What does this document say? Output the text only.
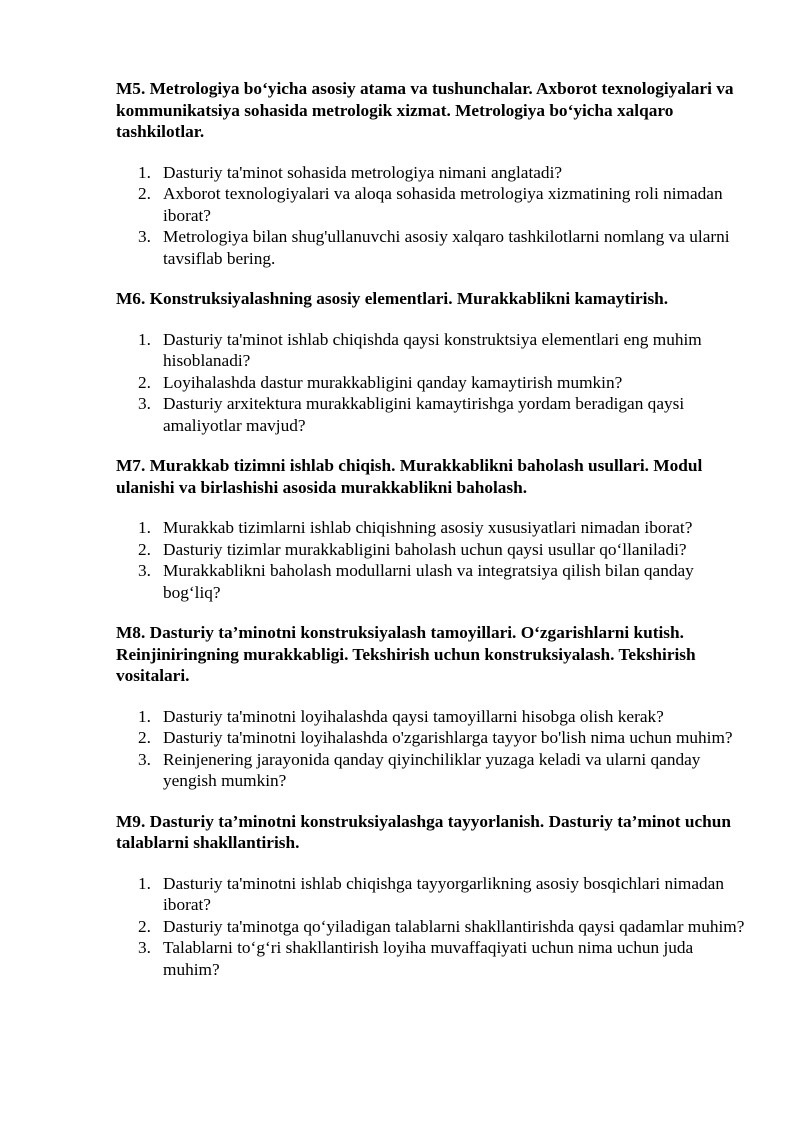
M5. Metrologiya bo‘yicha asosiy atama va tushunchalar. Axborot texnologiyalari va kommunikatsiya sohasida metrologik xizmat. Metrologiya bo‘yicha xalqaro tashkilotlar.

1. Dasturiy ta'minot sohasida metrologiya nimani anglatadi?
2. Axborot texnologiyalari va aloqa sohasida metrologiya xizmatining roli nimadan iborat?
3. Metrologiya bilan shug'ullanuvchi asosiy xalqaro tashkilotlarni nomlang va ularni tavsiflab bering.

M6. Konstruksiyalashning asosiy elementlari. Murakkablikni kamaytirish.

1. Dasturiy ta'minot ishlab chiqishda qaysi konstruktsiya elementlari eng muhim hisoblanadi?
2. Loyihalashda dastur murakkabligini qanday kamaytirish mumkin?
3. Dasturiy arxitektura murakkabligini kamaytirishga yordam beradigan qaysi amaliyotlar mavjud?

M7. Murakkab tizimni ishlab chiqish. Murakkablikni baholash usullari. Modul ulanishi va birlashishi asosida murakkablikni baholash.

1. Murakkab tizimlarni ishlab chiqishning asosiy xususiyatlari nimadan iborat?
2. Dasturiy tizimlar murakkabligini baholash uchun qaysi usullar qo‘llaniladi?
3. Murakkablikni baholash modullarni ulash va integratsiya qilish bilan qanday bog‘liq?

M8. Dasturiy ta’minotni konstruksiyalash tamoyillari. O‘zgarishlarni kutish. Reinjiniringning murakkabligi. Tekshirish uchun konstruksiyalash. Tekshirish vositalari.

1. Dasturiy ta'minotni loyihalashda qaysi tamoyillarni hisobga olish kerak?
2. Dasturiy ta'minotni loyihalashda o'zgarishlarga tayyor bo'lish nima uchun muhim?
3. Reinjenering jarayonida qanday qiyinchiliklar yuzaga keladi va ularni qanday yengish mumkin?

M9. Dasturiy ta’minotni konstruksiyalashga tayyorlanish. Dasturiy ta’minot uchun talablarni shakllantirish.

1. Dasturiy ta'minotni ishlab chiqishga tayyorgarlikning asosiy bosqichlari nimadan iborat?
2. Dasturiy ta'minotga qo‘yiladigan talablarni shakllantirishda qaysi qadamlar muhim?
3. Talablarni to‘g‘ri shakllantirish loyiha muvaffaqiyati uchun nima uchun juda muhim?
